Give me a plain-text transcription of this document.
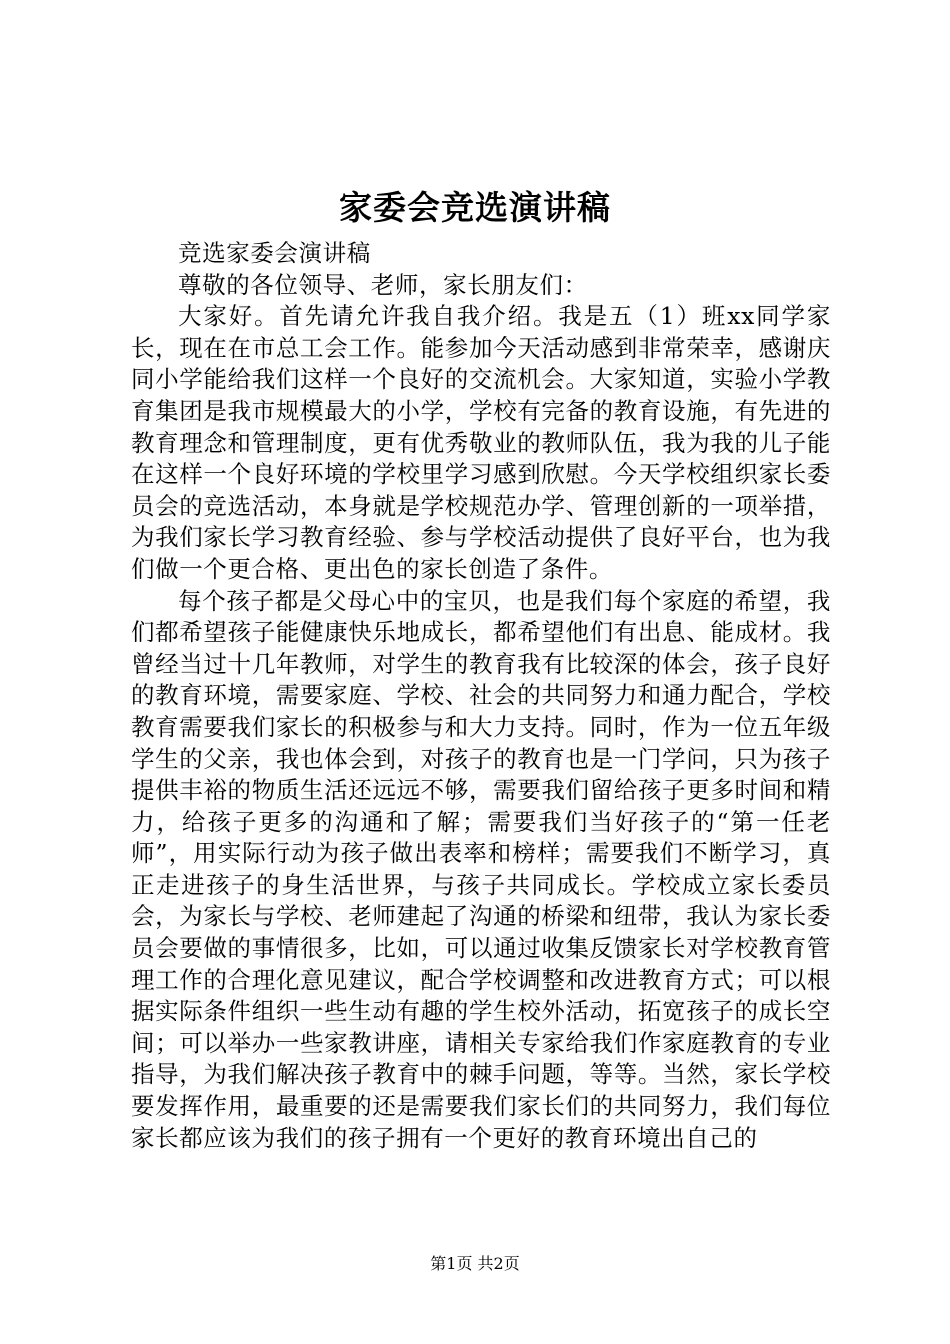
家委会竞选演讲稿

竞选家委会演讲稿

尊敬的各位领导、老师，家长朋友们：

大家好。首先请允许我自我介绍。我是五（1）班xx同学家长，现在在市总工会工作。能参加今天活动感到非常荣幸，感谢庆同小学能给我们这样一个良好的交流机会。大家知道，实验小学教育集团是我市规模最大的小学，学校有完备的教育设施，有先进的教育理念和管理制度，更有优秀敬业的教师队伍，我为我的儿子能在这样一个良好环境的学校里学习感到欣慰。今天学校组织家长委员会的竞选活动，本身就是学校规范办学、管理创新的一项举措，为我们家长学习教育经验、参与学校活动提供了良好平台，也为我们做一个更合格、更出色的家长创造了条件。

每个孩子都是父母心中的宝贝，也是我们每个家庭的希望，我们都希望孩子能健康快乐地成长，都希望他们有出息、能成材。我曾经当过十几年教师，对学生的教育我有比较深的体会，孩子良好的教育环境，需要家庭、学校、社会的共同努力和通力配合，学校教育需要我们家长的积极参与和大力支持。同时，作为一位五年级学生的父亲，我也体会到，对孩子的教育也是一门学问，只为孩子提供丰裕的物质生活还远远不够，需要我们留给孩子更多时间和精力，给孩子更多的沟通和了解；需要我们当好孩子的“第一任老师”，用实际行动为孩子做出表率和榜样；需要我们不断学习，真正走进孩子的身生活世界，与孩子共同成长。学校成立家长委员会，为家长与学校、老师建起了沟通的桥梁和纽带，我认为家长委员会要做的事情很多，比如，可以通过收集反馈家长对学校教育管理工作的合理化意见建议，配合学校调整和改进教育方式；可以根据实际条件组织一些生动有趣的学生校外活动，拓宽孩子的成长空间；可以举办一些家教讲座，请相关专家给我们作家庭教育的专业指导，为我们解决孩子教育中的棘手问题，等等。当然，家长学校要发挥作用，最重要的还是需要我们家长们的共同努力，我们每位家长都应该为我们的孩子拥有一个更好的教育环境出自己的

第1页 共2页
